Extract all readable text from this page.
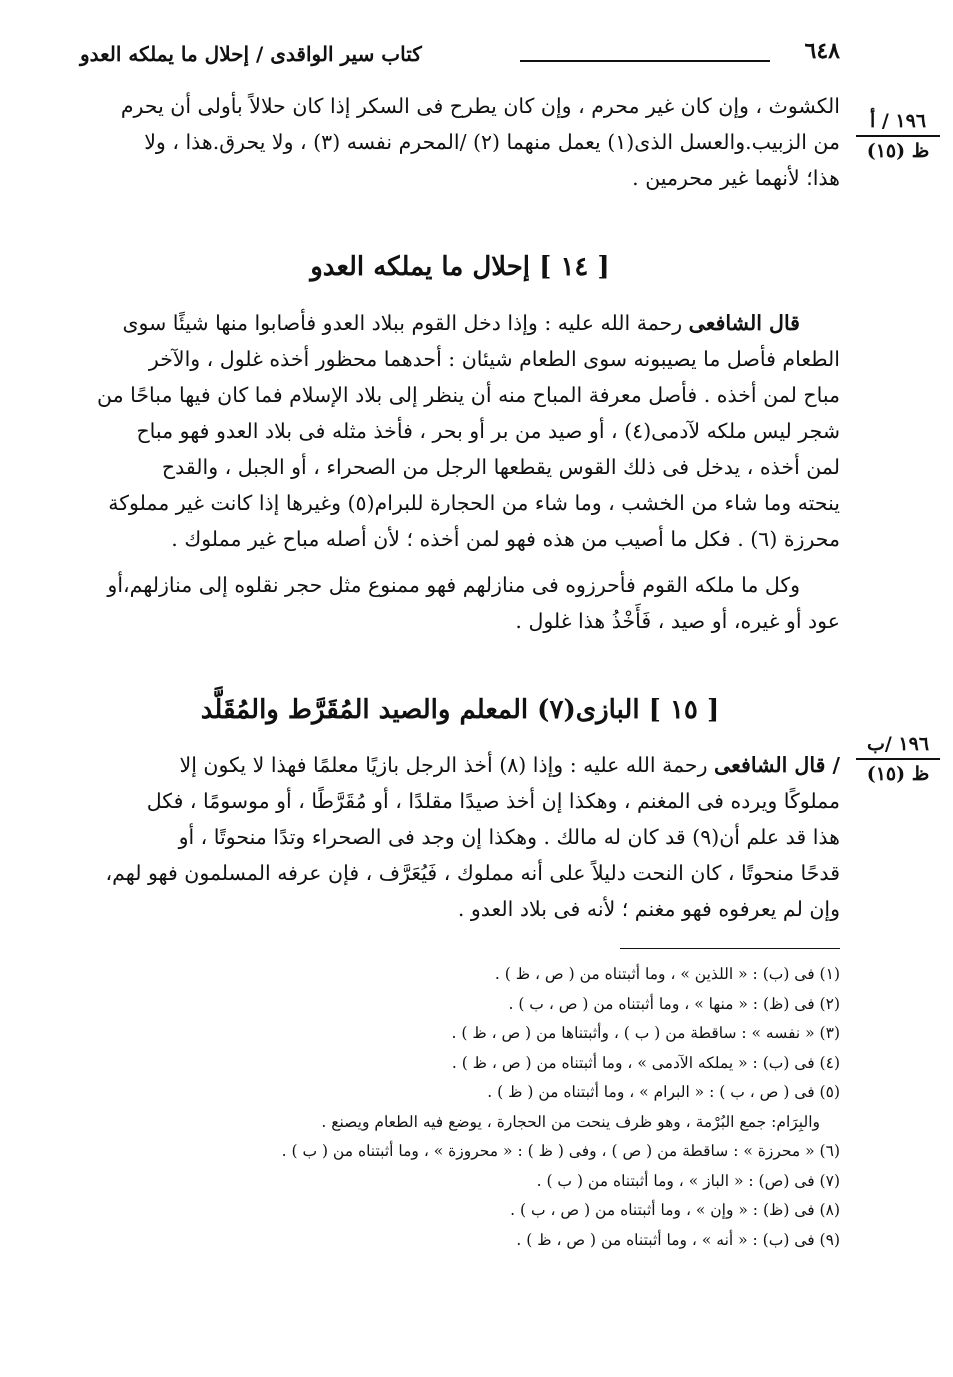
٦٤٨
كتاب سير الواقدى / إحلال ما يملكه العدو
١٩٦ / أ
ظ (١٥)
١٩٦ /ب
ظ (١٥)

الكشوث ، وإن كان غير محرم ، وإن كان يطرح فى السكر إذا كان حلالاً بأولى أن يحرم

من الزبيب.والعسل الذى(١) يعمل منهما (٢) /المحرم نفسه (٣) ، ولا يحرق.هذا ، ولا

هذا؛ لأنهما غير محرمين .

[ ١٤ ] إحلال ما يملكه العدو

قال الشافعى رحمة الله عليه : وإذا دخل القوم ببلاد العدو فأصابوا منها شيئًا سوى

الطعام فأصل ما يصيبونه سوى الطعام شيئان : أحدهما محظور أخذه غلول ، والآخر

مباح لمن أخذه . فأصل معرفة المباح منه أن ينظر إلى بلاد الإسلام فما كان فيها مباحًا من

شجر ليس ملكه لآدمى(٤) ، أو صيد من بر أو بحر ، فأخذ مثله فى بلاد العدو فهو مباح

لمن أخذه ، يدخل فى ذلك القوس يقطعها الرجل من الصحراء ، أو الجبل ، والقدح

ينحته وما شاء من الخشب ، وما شاء من الحجارة للبرام(٥) وغيرها إذا كانت غير مملوكة

محرزة (٦) . فكل ما أصيب من هذه فهو لمن أخذه ؛ لأن أصله مباح غير مملوك .

وكل ما ملكه القوم فأحرزوه فى منازلهم فهو ممنوع مثل حجر نقلوه إلى منازلهم،أو

عود أو غيره، أو صيد ، فَأَخْذُ هذا غلول .

[ ١٥ ] البازى(٧) المعلم والصيد المُقَرَّط والمُقَلَّد

/ قال الشافعى رحمة الله عليه : وإذا (٨) أخذ الرجل بازيًا معلمًا فهذا لا يكون إلا

مملوكًا ويرده فى المغنم ، وهكذا إن أخذ صيدًا مقلدًا ، أو مُقَرَّطًا ، أو موسومًا ، فكل

هذا قد علم أن(٩) قد كان له مالك . وهكذا إن وجد فى الصحراء وتدًا منحوتًا ، أو

قدحًا منحوتًا ، كان النحت دليلاً على أنه مملوك ، فَيُعَرَّف ، فإن عرفه المسلمون فهو لهم،

وإن لم يعرفوه فهو مغنم ؛ لأنه فى بلاد العدو .

(١) فى (ب) : « اللذين » ، وما أثبتناه من ( ص ، ظ ) .
(٢) فى (ظ) : « منها » ، وما أثبتناه من ( ص ، ب ) .
(٣) « نفسه » : ساقطة من ( ب ) ، وأثبتناها من ( ص ، ظ ) .
(٤) فى (ب) : « يملكه الآدمى » ، وما أثبتناه من ( ص ، ظ ) .
(٥) فى ( ص ، ب ) : « البرام » ، وما أثبتناه من ( ظ ) .
والبِرَام: جمع البُرْمة ، وهو ظرف ينحت من الحجارة ، يوضع فيه الطعام ويصنع .
(٦) « محرزة » : ساقطة من ( ص ) ، وفى ( ظ ) : « محروزة » ، وما أثبتناه من ( ب ) .
(٧) فى (ص) : « الباز » ، وما أثبتناه من ( ب ) .
(٨) فى (ظ) : « وإن » ، وما أثبتناه من ( ص ، ب ) .
(٩) فى (ب) : « أنه » ، وما أثبتناه من ( ص ، ظ ) .
